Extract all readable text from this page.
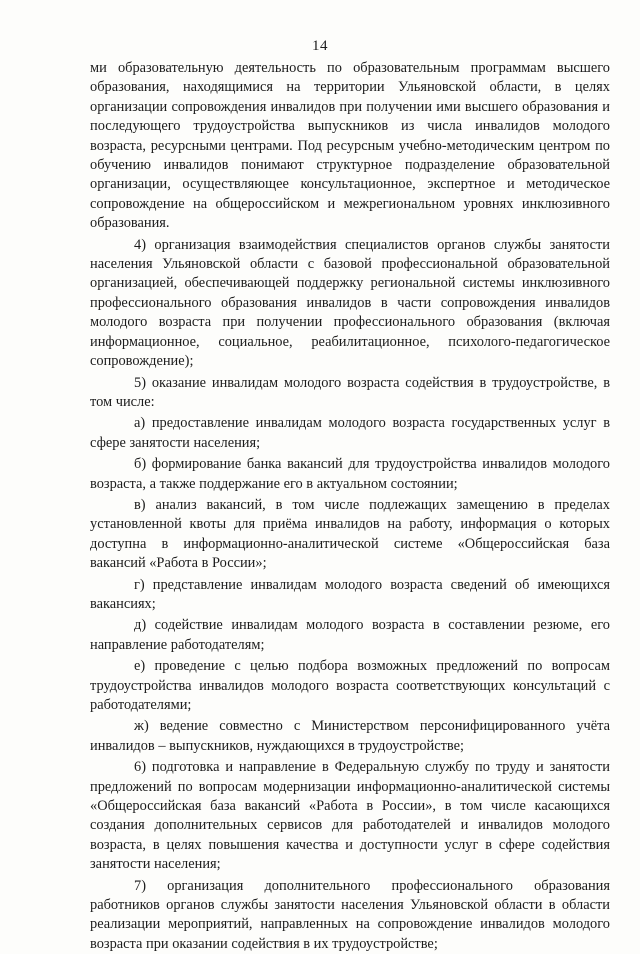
14

ми образовательную деятельность по образовательным программам высшего образования, находящимися на территории Ульяновской области, в целях организации сопровождения инвалидов при получении ими высшего образования и последующего трудоустройства выпускников из числа инвалидов молодого возраста, ресурсными центрами. Под ресурсным учебно-методическим центром по обучению инвалидов понимают структурное подразделение образовательной организации, осуществляющее консультационное, экспертное и методическое сопровождение на общероссийском и межрегиональном уровнях инклюзивного образования.

4) организация взаимодействия специалистов органов службы занятости населения Ульяновской области с базовой профессиональной образовательной организацией, обеспечивающей поддержку региональной системы инклюзивного профессионального образования инвалидов в части сопровождения инвалидов молодого возраста при получении профессионального образования (включая информационное, социальное, реабилитационное, психолого-педагогическое сопровождение);

5) оказание инвалидам молодого возраста содействия в трудоустройстве, в том числе:

а) предоставление инвалидам молодого возраста государственных услуг в сфере занятости населения;

б) формирование банка вакансий для трудоустройства инвалидов молодого возраста, а также поддержание его в актуальном состоянии;

в) анализ вакансий, в том числе подлежащих замещению в пределах установленной квоты для приёма инвалидов на работу, информация о которых доступна в информационно-аналитической системе «Общероссийская база вакансий «Работа в России»;

г) представление инвалидам молодого возраста сведений об имеющихся вакансиях;

д) содействие инвалидам молодого возраста в составлении резюме, его направление работодателям;

е) проведение с целью подбора возможных предложений по вопросам трудоустройства инвалидов молодого возраста соответствующих консультаций с работодателями;

ж) ведение совместно с Министерством персонифицированного учёта инвалидов – выпускников, нуждающихся в трудоустройстве;

6) подготовка и направление в Федеральную службу по труду и занятости предложений по вопросам модернизации информационно-аналитической системы «Общероссийская база вакансий «Работа в России», в том числе касающихся создания дополнительных сервисов для работодателей и инвалидов молодого возраста, в целях повышения качества и доступности услуг в сфере содействия занятости населения;

7) организация дополнительного профессионального образования работников органов службы занятости населения Ульяновской области в области реализации мероприятий, направленных на сопровождение инвалидов молодого возраста при оказании содействия в их трудоустройстве;
